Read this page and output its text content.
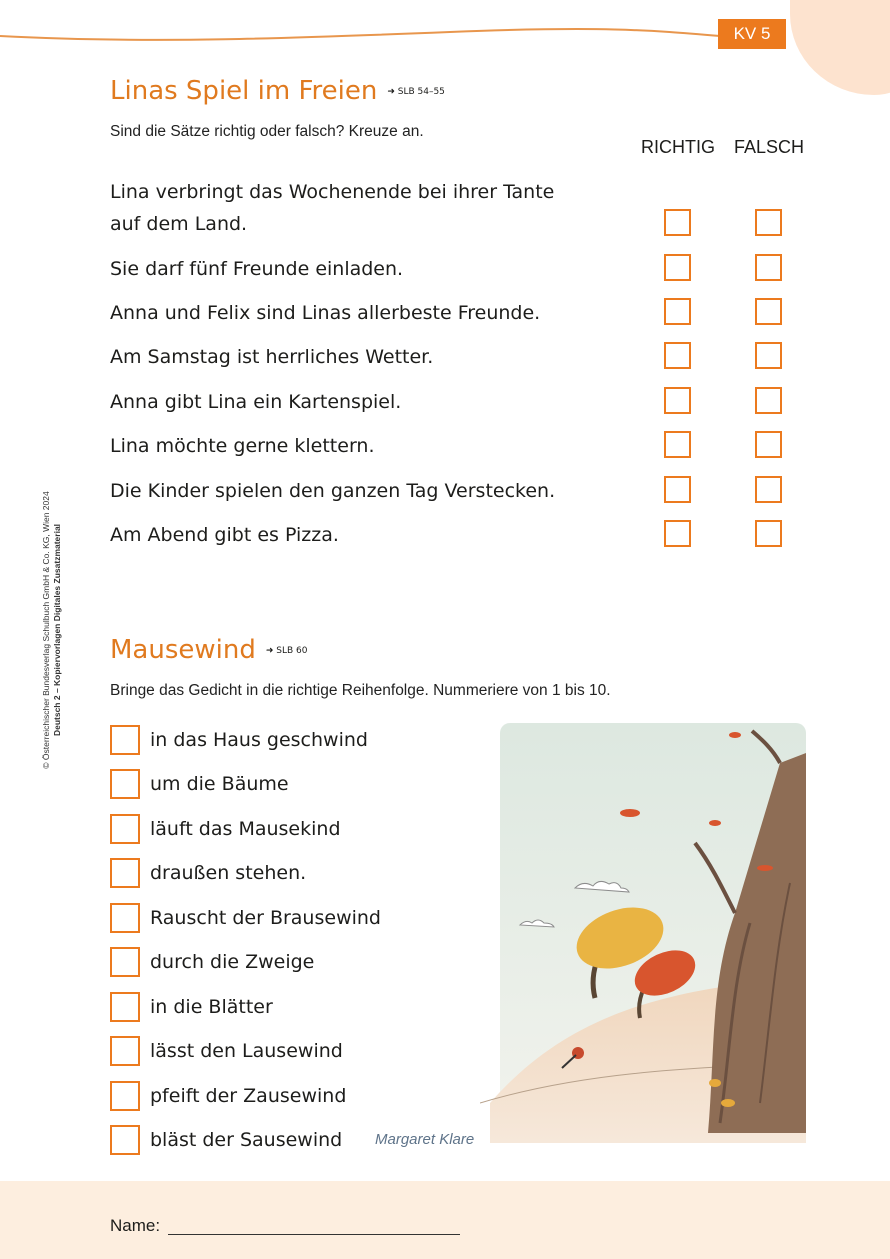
KV 5
© Österreichischer Bundesverlag Schulbuch GmbH & Co. KG, Wien 2024 Deutsch 2 – Kopiervorlagen Digitales Zusatzmaterial
Linas Spiel im Freien ➜ SLB 54–55
Sind die Sätze richtig oder falsch? Kreuze an.
RICHTIG FALSCH
Lina verbringt das Wochenende bei ihrer Tante auf dem Land.
Sie darf fünf Freunde einladen.
Anna und Felix sind Linas allerbeste Freunde.
Am Samstag ist herrliches Wetter.
Anna gibt Lina ein Kartenspiel.
Lina möchte gerne klettern.
Die Kinder spielen den ganzen Tag Verstecken.
Am Abend gibt es Pizza.
Mausewind ➜ SLB 60
Bringe das Gedicht in die richtige Reihenfolge. Nummeriere von 1 bis 10.
in das Haus geschwind
um die Bäume
läuft das Mausekind
draußen stehen.
Rauscht der Brausewind
durch die Zweige
in die Blätter
lässt den Lausewind
pfeift der Zausewind
bläst der Sausewind Margaret Klare
Name:
